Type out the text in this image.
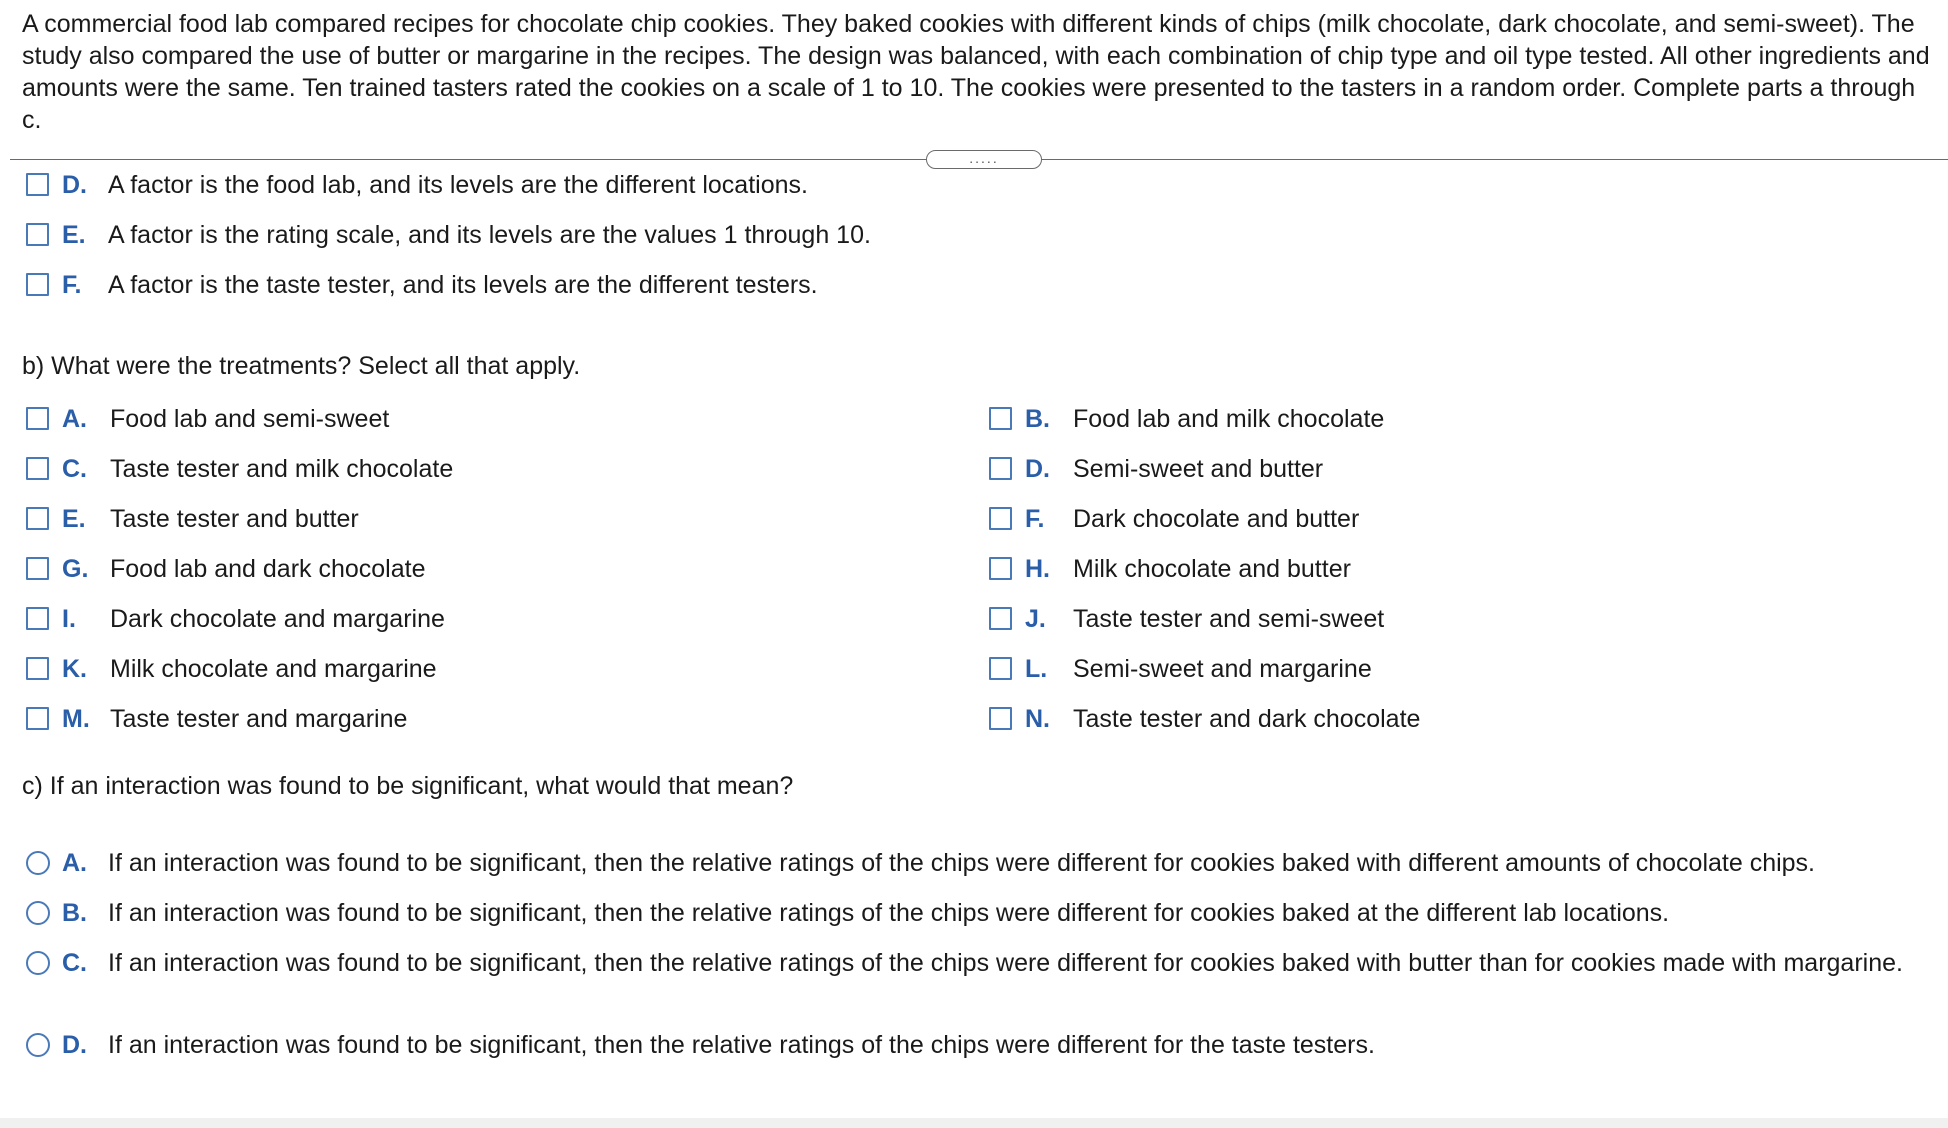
A commercial food lab compared recipes for chocolate chip cookies. They baked cookies with different kinds of chips (milk chocolate, dark chocolate, and semi-sweet). The study also compared the use of butter or margarine in the recipes. The design was balanced, with each combination of chip type and oil type tested. All other ingredients and amounts were the same. Ten trained tasters rated the cookies on a scale of 1 to 10. The cookies were presented to the tasters in a random order. Complete parts a through c.

.....
D. A factor is the food lab, and its levels are the different locations.
E. A factor is the rating scale, and its levels are the values 1 through 10.
F.	A factor is the taste tester, and its levels are the different testers.

b) What were the treatments? Select all that apply.

A. Food lab and semi-sweet
C. Taste tester and milk chocolate
E. Taste tester and butter
G. Food lab and dark chocolate
I.	Dark chocolate and margarine
K. Milk chocolate and margarine
M. Taste tester and margarine
B. Food lab and milk chocolate
D. Semi-sweet and butter
F.	Dark chocolate and butter
H. Milk chocolate and butter
J.	Taste tester and semi-sweet
L.	Semi-sweet and margarine
N. Taste tester and dark chocolate

c) If an interaction was found to be significant, what would that mean?

A. If an interaction was found to be significant, then the relative ratings of the chips were different for cookies baked with different amounts of chocolate chips.
B. If an interaction was found to be significant, then the relative ratings of the chips were different for cookies baked at the different lab locations.
C. If an interaction was found to be significant, then the relative ratings of the chips were different for cookies baked with butter than for cookies made with margarine.
D. If an interaction was found to be significant, then the relative ratings of the chips were different for the taste testers.
